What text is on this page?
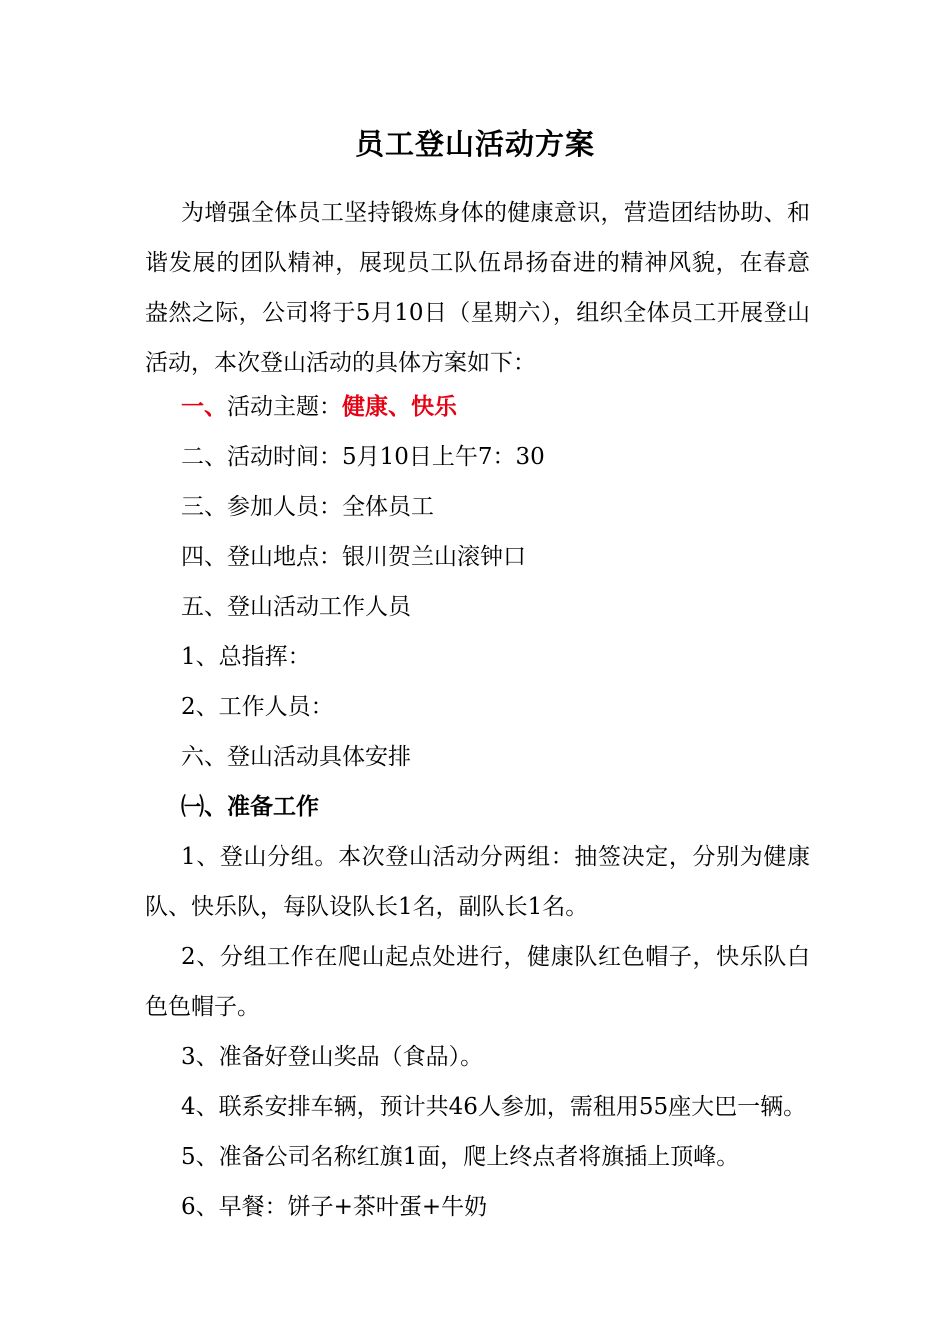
员工登山活动方案
为增强全体员工坚持锻炼身体的健康意识，营造团结协助、和谐发展的团队精神，展现员工队伍昂扬奋进的精神风貌，在春意盎然之际，公司将于5月10日（星期六），组织全体员工开展登山活动，本次登山活动的具体方案如下：
一、活动主题：健康、快乐
二、活动时间：5月10日上午7：30
三、参加人员：全体员工
四、登山地点：银川贺兰山滚钟口
五、登山活动工作人员
1、总指挥：
2、工作人员：
六、登山活动具体安排
㈠、准备工作
1、登山分组。本次登山活动分两组：抽签决定，分别为健康队、快乐队，每队设队长1名，副队长1名。
2、分组工作在爬山起点处进行，健康队红色帽子，快乐队白色色帽子。
3、准备好登山奖品（食品）。
4、联系安排车辆，预计共46人参加，需租用55座大巴一辆。
5、准备公司名称红旗1面，爬上终点者将旗插上顶峰。
6、早餐：饼子+茶叶蛋+牛奶
